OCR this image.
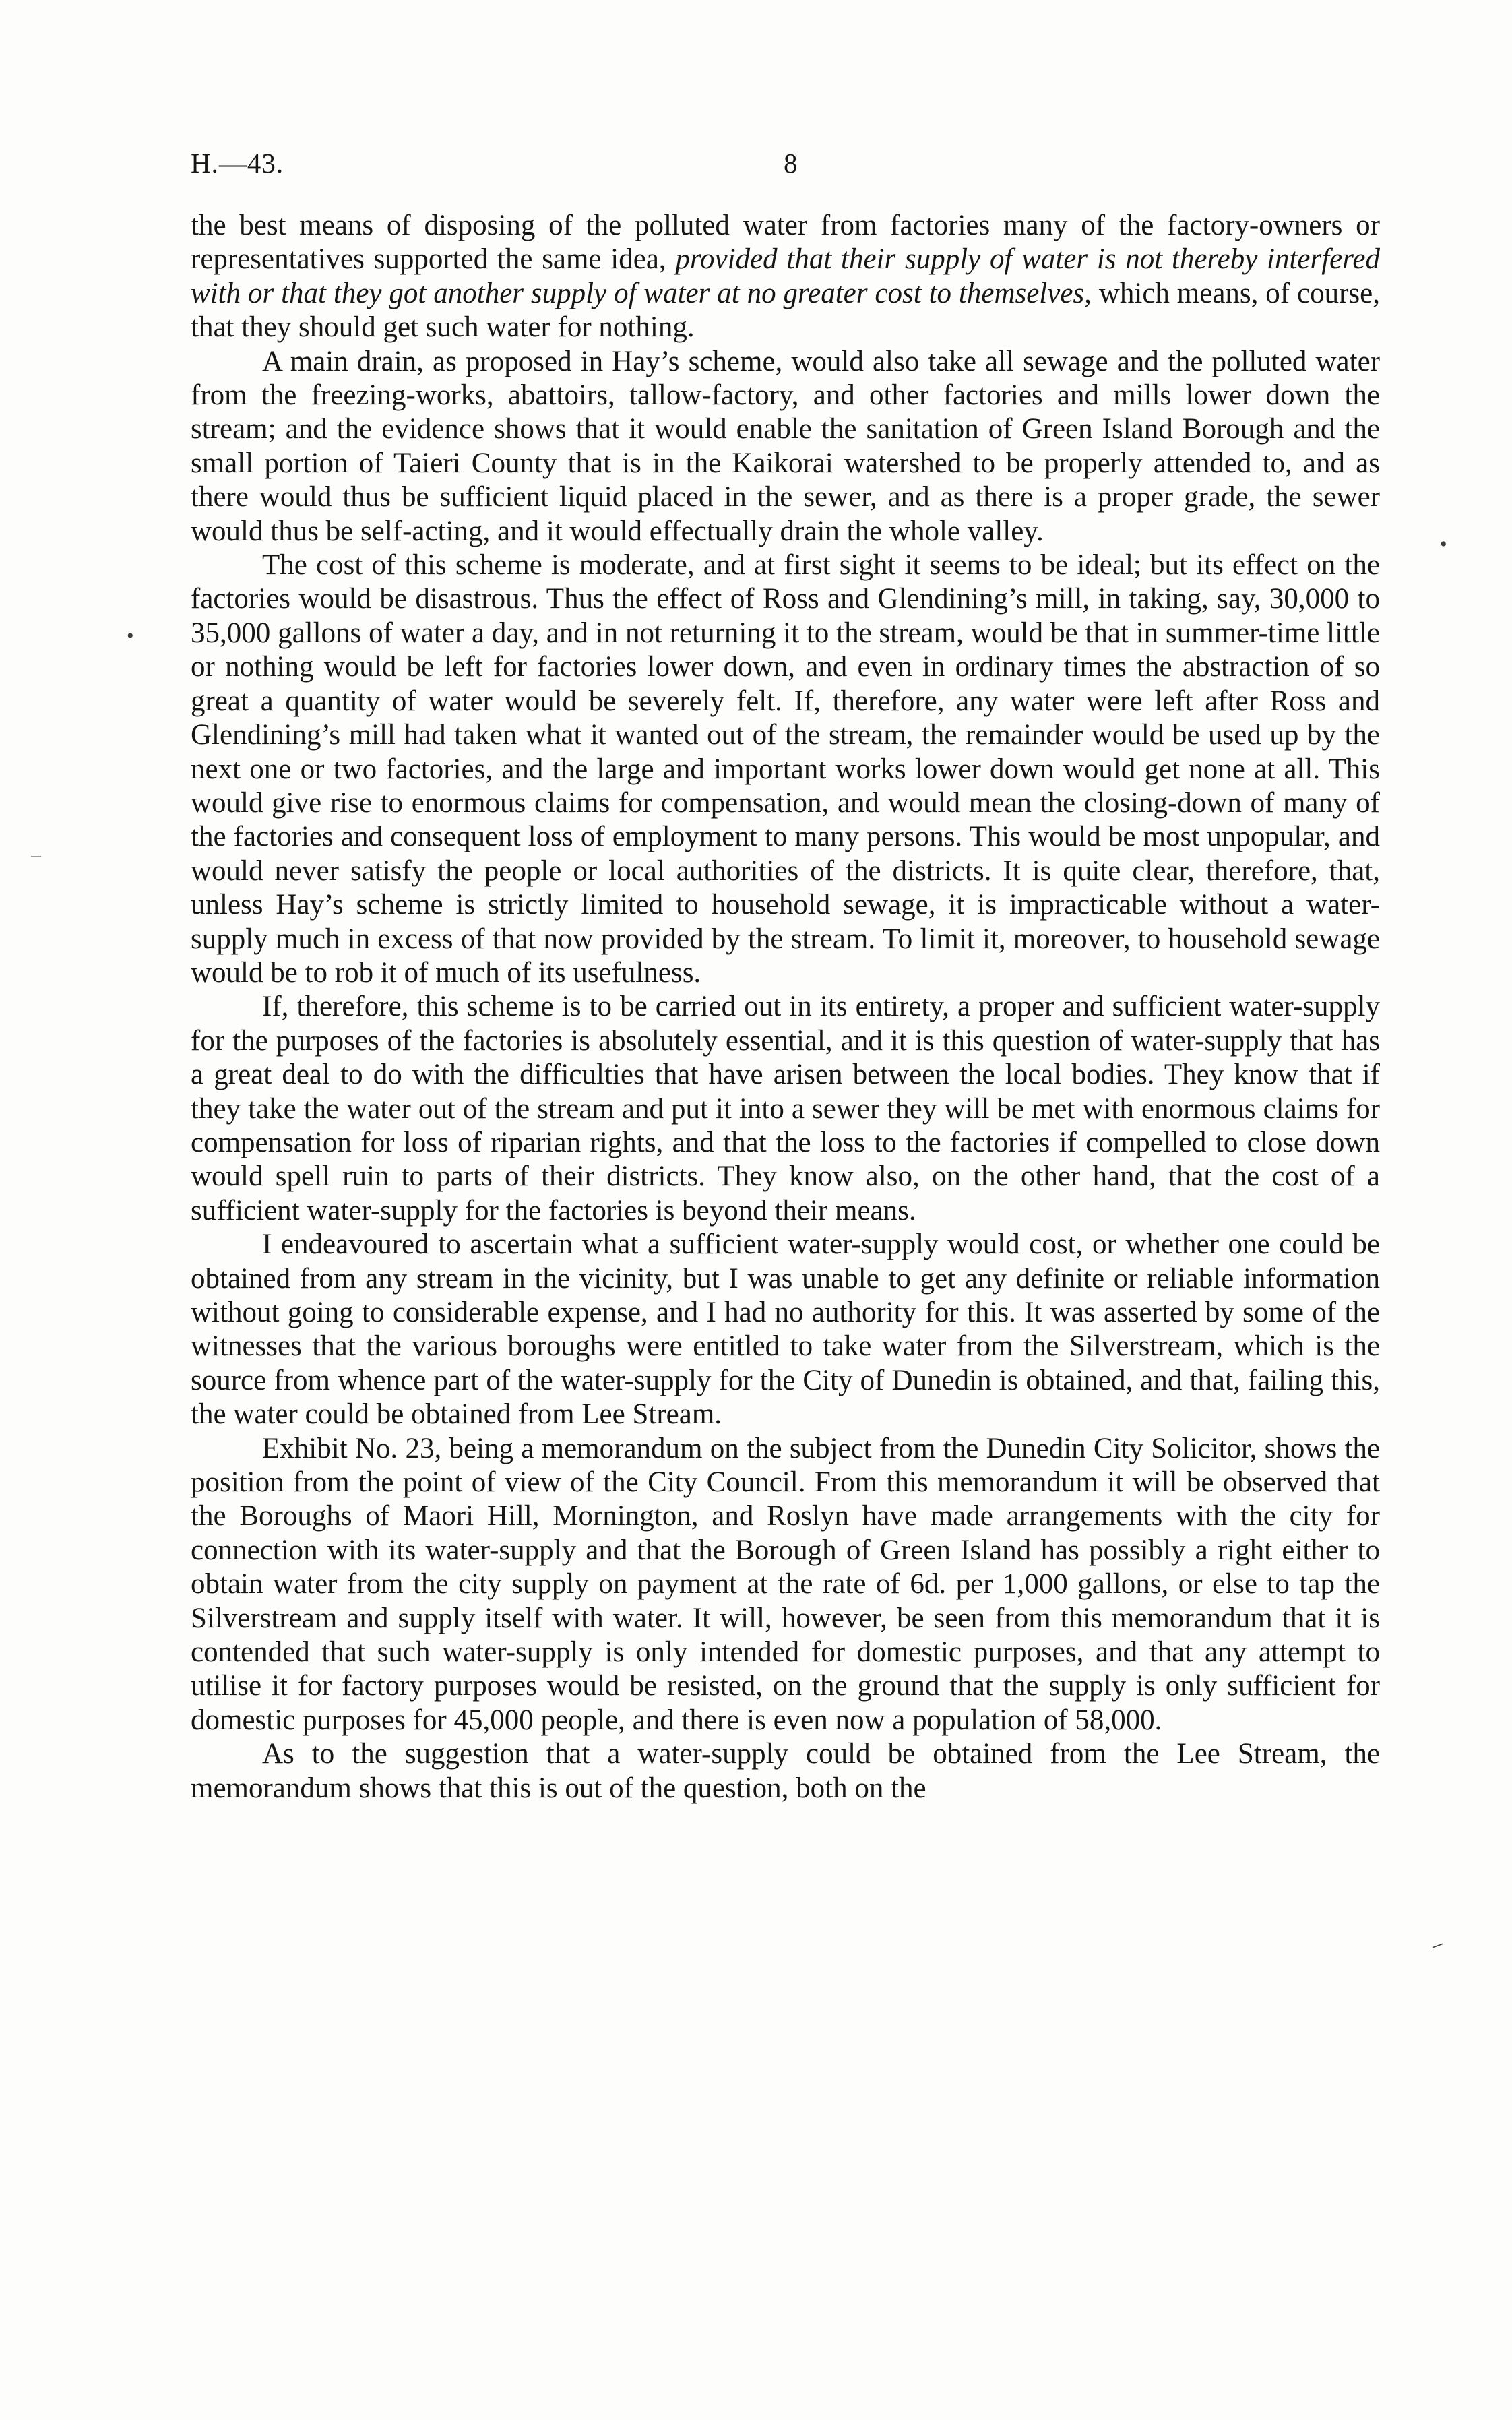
H.—43.	8

the best means of disposing of the polluted water from factories many of the factory-owners or representatives supported the same idea, provided that their supply of water is not thereby interfered with or that they got another supply of water at no greater cost to themselves, which means, of course, that they should get such water for nothing.

A main drain, as proposed in Hay’s scheme, would also take all sewage and the polluted water from the freezing-works, abattoirs, tallow-factory, and other factories and mills lower down the stream; and the evidence shows that it would enable the sanitation of Green Island Borough and the small portion of Taieri County that is in the Kaikorai watershed to be properly attended to, and as there would thus be sufficient liquid placed in the sewer, and as there is a proper grade, the sewer would thus be self-acting, and it would effectually drain the whole valley.

The cost of this scheme is moderate, and at first sight it seems to be ideal; but its effect on the factories would be disastrous. Thus the effect of Ross and Glendining’s mill, in taking, say, 30,000 to 35,000 gallons of water a day, and in not returning it to the stream, would be that in summer-time little or nothing would be left for factories lower down, and even in ordinary times the abstraction of so great a quantity of water would be severely felt. If, therefore, any water were left after Ross and Glendining’s mill had taken what it wanted out of the stream, the remainder would be used up by the next one or two factories, and the large and important works lower down would get none at all. This would give rise to enormous claims for compensation, and would mean the closing-down of many of the factories and consequent loss of employment to many persons. This would be most unpopular, and would never satisfy the people or local authorities of the districts. It is quite clear, therefore, that, unless Hay’s scheme is strictly limited to household sewage, it is impracticable without a water-supply much in excess of that now provided by the stream. To limit it, moreover, to household sewage would be to rob it of much of its usefulness.

If, therefore, this scheme is to be carried out in its entirety, a proper and sufficient water-supply for the purposes of the factories is absolutely essential, and it is this question of water-supply that has a great deal to do with the difficulties that have arisen between the local bodies. They know that if they take the water out of the stream and put it into a sewer they will be met with enormous claims for compensation for loss of riparian rights, and that the loss to the factories if compelled to close down would spell ruin to parts of their districts. They know also, on the other hand, that the cost of a sufficient water-supply for the factories is beyond their means.

I endeavoured to ascertain what a sufficient water-supply would cost, or whether one could be obtained from any stream in the vicinity, but I was unable to get any definite or reliable information without going to considerable expense, and I had no authority for this. It was asserted by some of the witnesses that the various boroughs were entitled to take water from the Silverstream, which is the source from whence part of the water-supply for the City of Dunedin is obtained, and that, failing this, the water could be obtained from Lee Stream.

Exhibit No. 23, being a memorandum on the subject from the Dunedin City Solicitor, shows the position from the point of view of the City Council. From this memorandum it will be observed that the Boroughs of Maori Hill, Mornington, and Roslyn have made arrangements with the city for connection with its water-supply and that the Borough of Green Island has possibly a right either to obtain water from the city supply on payment at the rate of 6d. per 1,000 gallons, or else to tap the Silverstream and supply itself with water. It will, however, be seen from this memorandum that it is contended that such water-supply is only intended for domestic purposes, and that any attempt to utilise it for factory purposes would be resisted, on the ground that the supply is only sufficient for domestic purposes for 45,000 people, and there is even now a population of 58,000.

As to the suggestion that a water-supply could be obtained from the Lee Stream, the memorandum shows that this is out of the question, both on the

•
•
–
–
